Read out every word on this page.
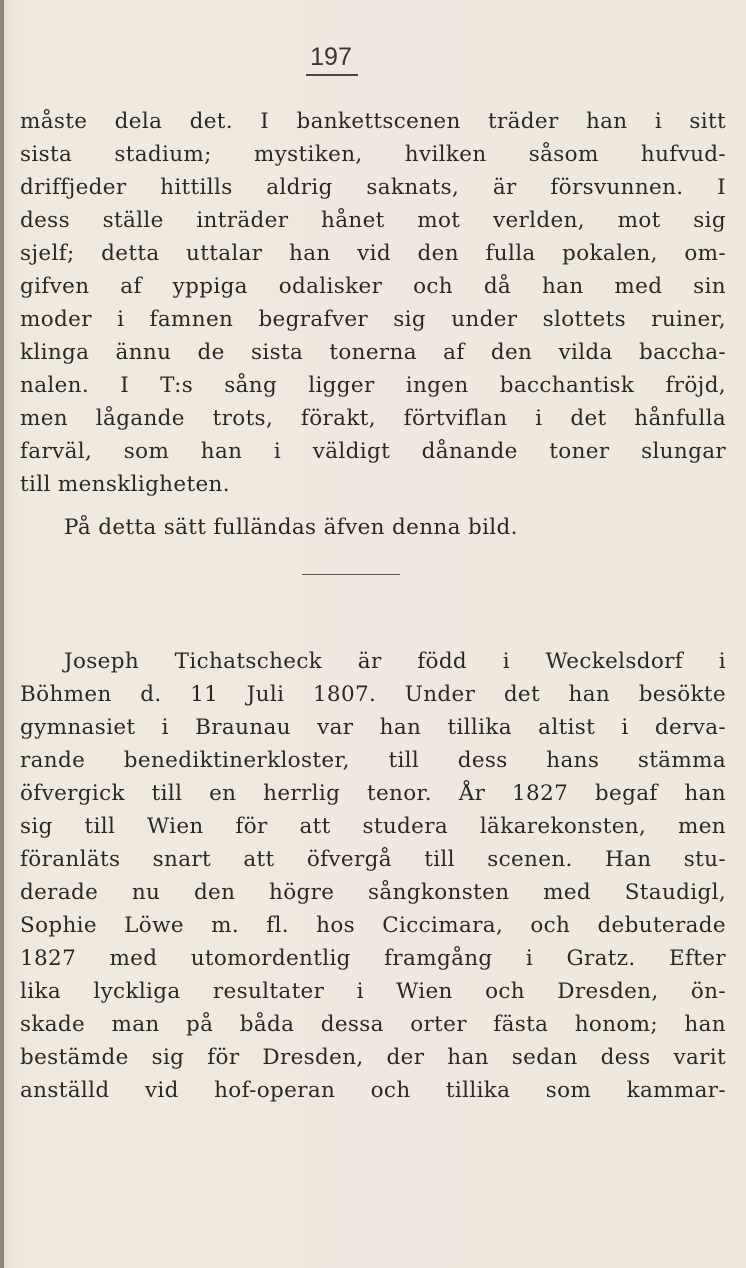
197
måste dela det. I bankettscenen träder han i sitt
sista stadium; mystiken, hvilken såsom hufvud-
driffjeder hittills aldrig saknats, är försvunnen. I
dess ställe inträder hånet mot verlden, mot sig
sjelf; detta uttalar han vid den fulla pokalen, om-
gifven af yppiga odalisker och då han med sin
moder i famnen begrafver sig under slottets ruiner,
klinga ännu de sista tonerna af den vilda baccha-
nalen. I T:s sång ligger ingen bacchantisk fröjd,
men lågande trots, förakt, förtviflan i det hånfulla
farväl, som han i väldigt dånande toner slungar
till menskligheten.
På detta sätt fulländas äfven denna bild.
Joseph Tichatscheck är född i Weckelsdorf i
Böhmen d. 11 Juli 1807. Under det han besökte
gymnasiet i Braunau var han tillika altist i derva-
rande benediktinerkloster, till dess hans stämma
öfvergick till en herrlig tenor. År 1827 begaf han
sig till Wien för att studera läkarekonsten, men
föranläts snart att öfvergå till scenen. Han stu-
derade nu den högre sångkonsten med Staudigl,
Sophie Löwe m. fl. hos Ciccimara, och debuterade
1827 med utomordentlig framgång i Gratz. Efter
lika lyckliga resultater i Wien och Dresden, ön-
skade man på båda dessa orter fästa honom; han
bestämde sig för Dresden, der han sedan dess varit
anställd vid hof-operan och tillika som kammar-
